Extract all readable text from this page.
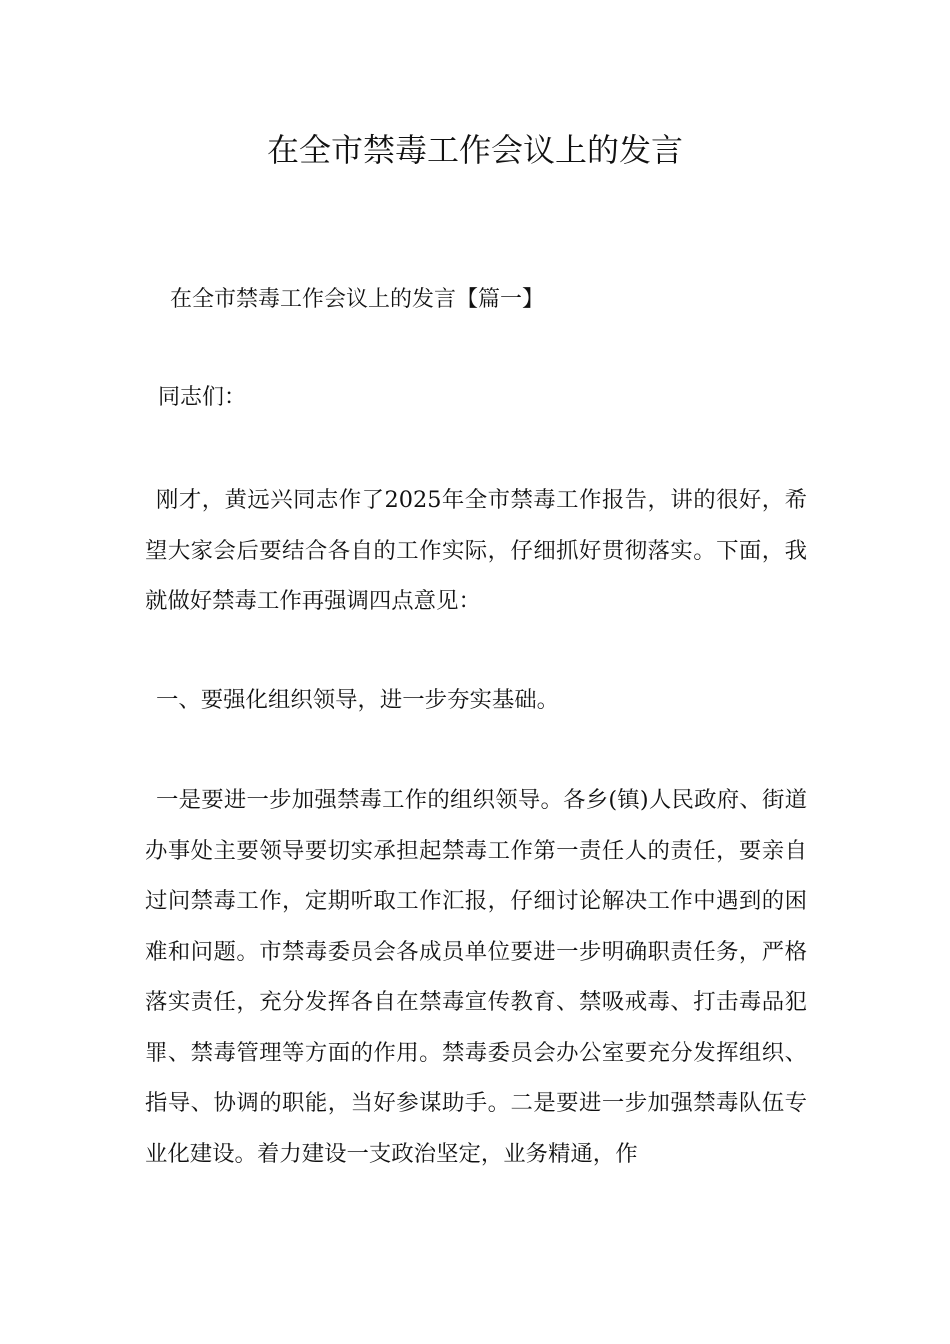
在全市禁毒工作会议上的发言

在全市禁毒工作会议上的发言【篇一】

同志们：

刚才，黄远兴同志作了2025年全市禁毒工作报告，讲的很好，希望大家会后要结合各自的工作实际，仔细抓好贯彻落实。下面，我就做好禁毒工作再强调四点意见：

一、要强化组织领导，进一步夯实基础。

一是要进一步加强禁毒工作的组织领导。各乡(镇)人民政府、街道办事处主要领导要切实承担起禁毒工作第一责任人的责任，要亲自过问禁毒工作，定期听取工作汇报，仔细讨论解决工作中遇到的困难和问题。市禁毒委员会各成员单位要进一步明确职责任务，严格落实责任，充分发挥各自在禁毒宣传教育、禁吸戒毒、打击毒品犯罪、禁毒管理等方面的作用。禁毒委员会办公室要充分发挥组织、指导、协调的职能，当好参谋助手。二是要进一步加强禁毒队伍专业化建设。着力建设一支政治坚定，业务精通，作
